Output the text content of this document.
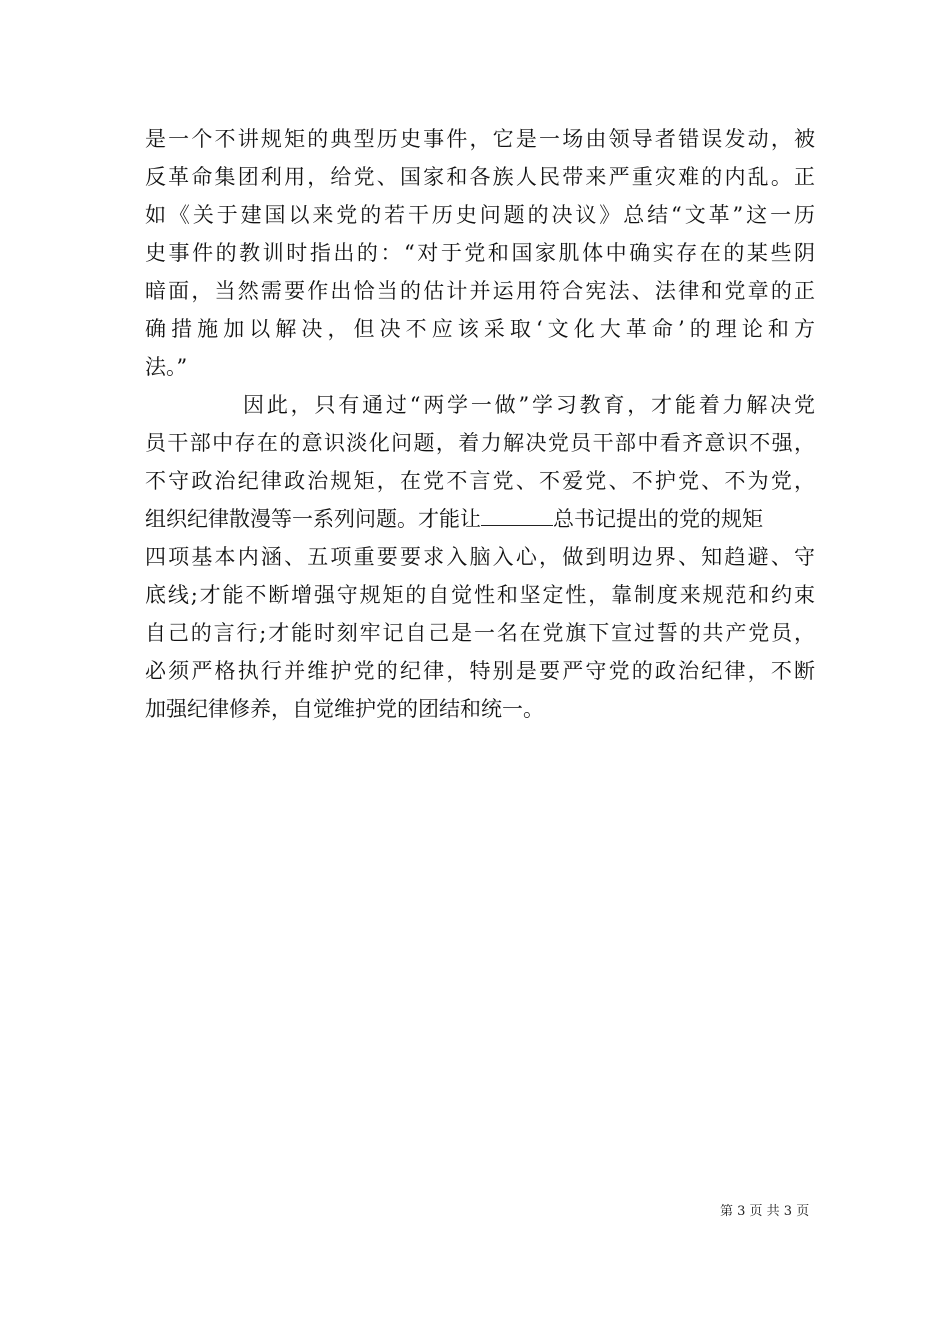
是一个不讲规矩的典型历史事件，它是一场由领导者错误发动，被
反革命集团利用，给党、国家和各族人民带来严重灾难的内乱。正
如《关于建国以来党的若干历史问题的决议》总结“文革”这一历
史事件的教训时指出的：“对于党和国家肌体中确实存在的某些阴
暗面，当然需要作出恰当的估计并运用符合宪法、法律和党章的正
确措施加以解决，但决不应该采取‘文化大革命’的理论和方
法。”
因此，只有通过“两学一做”学习教育，才能着力解决党
员干部中存在的意识淡化问题，着力解决党员干部中看齐意识不强，
不守政治纪律政治规矩，在党不言党、不爱党、不护党、不为党，
组织纪律散漫等一系列问题。才能让	总书记提出的党的规矩
四项基本内涵、五项重要要求入脑入心，做到明边界、知趋避、守
底线;才能不断增强守规矩的自觉性和坚定性，靠制度来规范和约束
自己的言行;才能时刻牢记自己是一名在党旗下宣过誓的共产党员，
必须严格执行并维护党的纪律，特别是要严守党的政治纪律，不断
加强纪律修养，自觉维护党的团结和统一。
第 3 页 共 3 页
